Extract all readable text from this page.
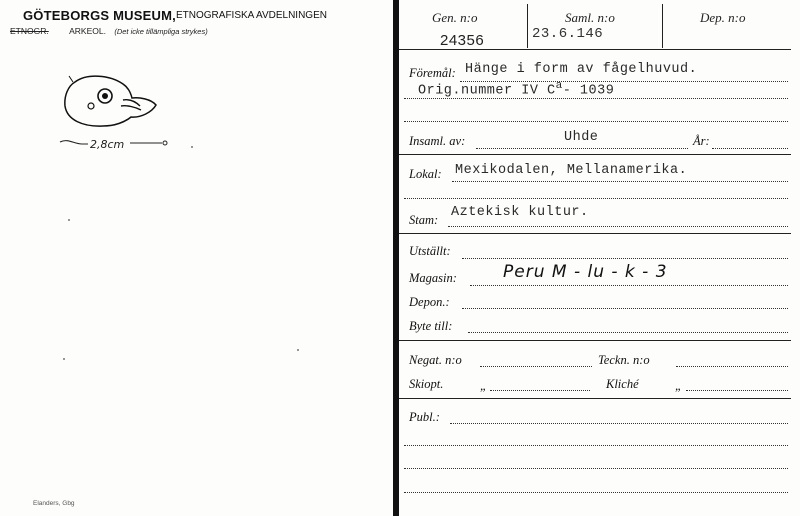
GÖTEBORGS MUSEUM, ETNOGRAFISKA AVDELNINGEN
ETNOGR. ARKEOL. (Det icke tillämpliga strykes)
2,8cm
Elanders, Gbg
Gen. n:o
24356
Saml. n:o
23.6.146
Dep. n:o
Föremål: Hänge i form av fågelhuvud.
Orig.nummer IV $C^a-$ 1039
Insaml. av:	Uhde	År:
Lokal: Mexikodalen, Mellanamerika.
Stam: Aztekisk kultur.
Utställt:
Magasin:	Peru M - lu - k - 3
Depon.:
Byte till:
Negat. n:o	Teckn. n:o
Skiopt.	„	Kliché	„
Publ.:
